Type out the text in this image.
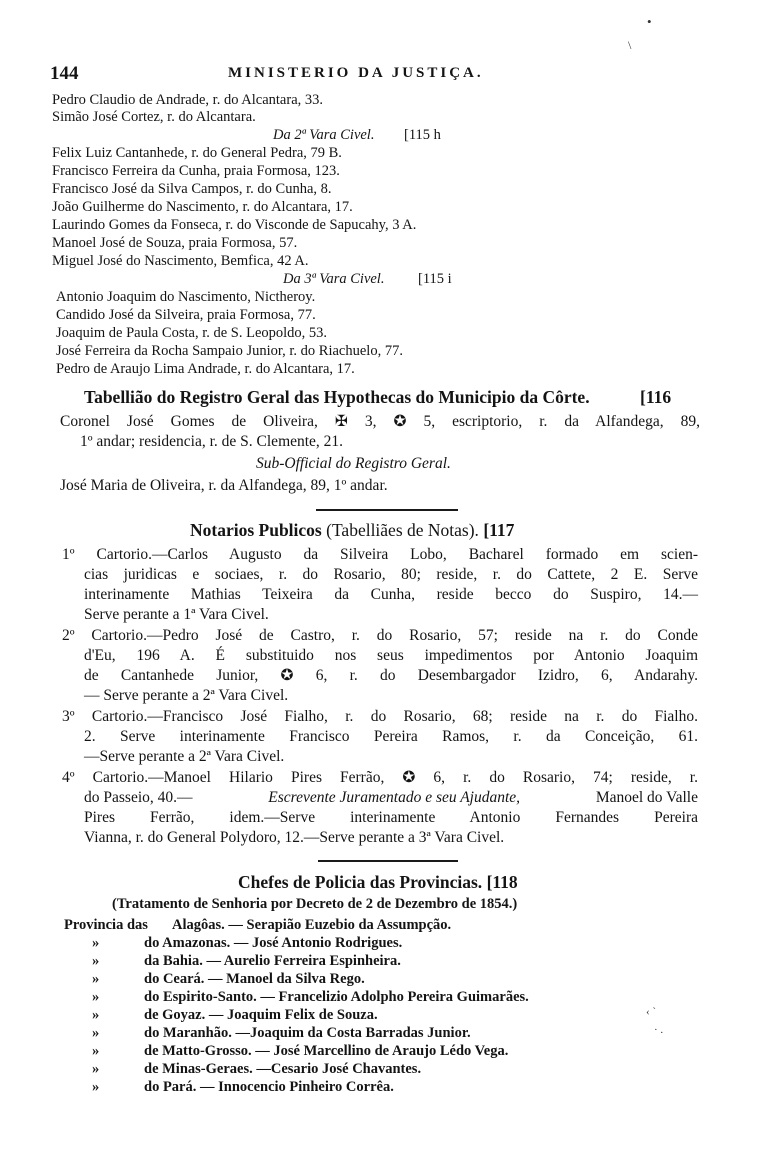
•
\
144	MINISTERIO DA JUSTIÇA.
Pedro Claudio de Andrade, r. do Alcantara, 33.
Simão José Cortez, r. do Alcantara.
Da 2ª Vara Civel. [115 h
Felix Luiz Cantanhede, r. do General Pedra, 79 B.
Francisco Ferreira da Cunha, praia Formosa, 123.
Francisco José da Silva Campos, r. do Cunha, 8.
João Guilherme do Nascimento, r. do Alcantara, 17.
Laurindo Gomes da Fonseca, r. do Visconde de Sapucahy, 3 A.
Manoel José de Souza, praia Formosa, 57.
Miguel José do Nascimento, Bemfica, 42 A.
Da 3ª Vara Civel. [115 i
Antonio Joaquim do Nascimento, Nictheroy.
Candido José da Silveira, praia Formosa, 77.
Joaquim de Paula Costa, r. de S. Leopoldo, 53.
José Ferreira da Rocha Sampaio Junior, r. do Riachuelo, 77.
Pedro de Araujo Lima Andrade, r. do Alcantara, 17.
Tabellião do Registro Geral das Hypothecas do Municipio da Côrte.	[116
Coronel José Gomes de Oliveira, ✠ 3, ✪ 5, escriptorio, r. da Alfandega, 89,
1º andar; residencia, r. de S. Clemente, 21.
Sub-Official do Registro Geral.
José Maria de Oliveira, r. da Alfandega, 89, 1º andar.
Notarios Publicos (Tabelliães de Notas). [117
1º Cartorio.—Carlos Augusto da Silveira Lobo, Bacharel formado em scien-
cias juridicas e sociaes, r. do Rosario, 80; reside, r. do Cattete, 2 E. Serve
interinamente Mathias Teixeira da Cunha, reside becco do Suspiro, 14.—
Serve perante a 1ª Vara Civel.
2º Cartorio.—Pedro José de Castro, r. do Rosario, 57; reside na r. do Conde
d'Eu, 196 A. É substituido nos seus impedimentos por Antonio Joaquim
de Cantanhede Junior, ✪ 6, r. do Desembargador Izidro, 6, Andarahy.
— Serve perante a 2ª Vara Civel.
3º Cartorio.—Francisco José Fialho, r. do Rosario, 68; reside na r. do Fialho.
2. Serve interinamente Francisco Pereira Ramos, r. da Conceição, 61.
—Serve perante a 2ª Vara Civel.
4º Cartorio.—Manoel Hilario Pires Ferrão, ✪ 6, r. do Rosario, 74; reside, r.
do Passeio, 40.—	Escrevente Juramentado e seu Ajudante,	Manoel do Valle
Pires Ferrão, idem.—Serve interinamente Antonio Fernandes Pereira
Vianna, r. do General Polydoro, 12.—Serve perante a 3ª Vara Civel.
Chefes de Policia das Provincias. [118
(Tratamento de Senhoria por Decreto de 2 de Dezembro de 1854.)
Provincia das Alagôas. — Serapião Euzebio da Assumpção.
»	do Amazonas. — José Antonio Rodrigues.
»	da Bahia. — Aurelio Ferreira Espinheira.
»	do Ceará. — Manoel da Silva Rego.
»	do Espirito-Santo. — Francelizio Adolpho Pereira Guimarães.
»	de Goyaz. — Joaquim Felix de Souza.
»	do Maranhão. —Joaquim da Costa Barradas Junior.
»	de Matto-Grosso. — José Marcellino de Araujo Lédo Vega.
»	de Minas-Geraes. —Cesario José Chavantes.
»	do Pará. — Innocencio Pinheiro Corrêa.
‹ ˋ
· .
